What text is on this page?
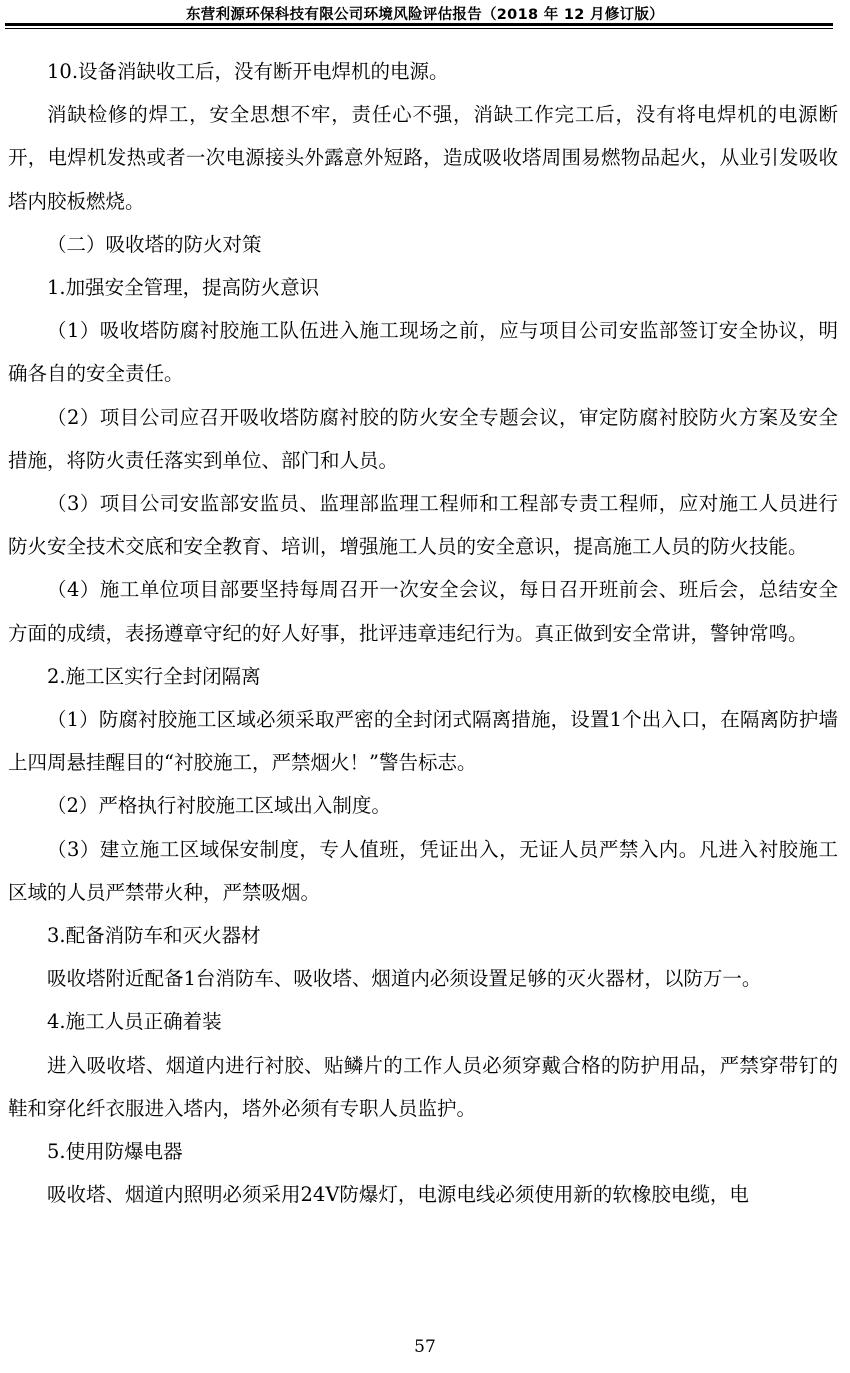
东营利源环保科技有限公司环境风险评估报告（2018 年 12 月修订版）

10.设备消缺收工后，没有断开电焊机的电源。

消缺检修的焊工，安全思想不牢，责任心不强，消缺工作完工后，没有将电焊机的电源断开，电焊机发热或者一次电源接头外露意外短路，造成吸收塔周围易燃物品起火，从业引发吸收塔内胶板燃烧。

（二）吸收塔的防火对策

1.加强安全管理，提高防火意识

（1）吸收塔防腐衬胶施工队伍进入施工现场之前，应与项目公司安监部签订安全协议，明确各自的安全责任。

（2）项目公司应召开吸收塔防腐衬胶的防火安全专题会议，审定防腐衬胶防火方案及安全措施，将防火责任落实到单位、部门和人员。

（3）项目公司安监部安监员、监理部监理工程师和工程部专责工程师，应对施工人员进行防火安全技术交底和安全教育、培训，增强施工人员的安全意识，提高施工人员的防火技能。

（4）施工单位项目部要坚持每周召开一次安全会议，每日召开班前会、班后会，总结安全方面的成绩，表扬遵章守纪的好人好事，批评违章违纪行为。真正做到安全常讲，警钟常鸣。

2.施工区实行全封闭隔离

（1）防腐衬胶施工区域必须采取严密的全封闭式隔离措施，设置1个出入口，在隔离防护墙上四周悬挂醒目的“衬胶施工，严禁烟火！”警告标志。

（2）严格执行衬胶施工区域出入制度。

（3）建立施工区域保安制度，专人值班，凭证出入，无证人员严禁入内。凡进入衬胶施工区域的人员严禁带火种，严禁吸烟。

3.配备消防车和灭火器材

吸收塔附近配备1台消防车、吸收塔、烟道内必须设置足够的灭火器材，以防万一。

4.施工人员正确着装

进入吸收塔、烟道内进行衬胶、贴鳞片的工作人员必须穿戴合格的防护用品，严禁穿带钉的鞋和穿化纤衣服进入塔内，塔外必须有专职人员监护。

5.使用防爆电器

吸收塔、烟道内照明必须采用24V防爆灯，电源电线必须使用新的软橡胶电缆，电

57
